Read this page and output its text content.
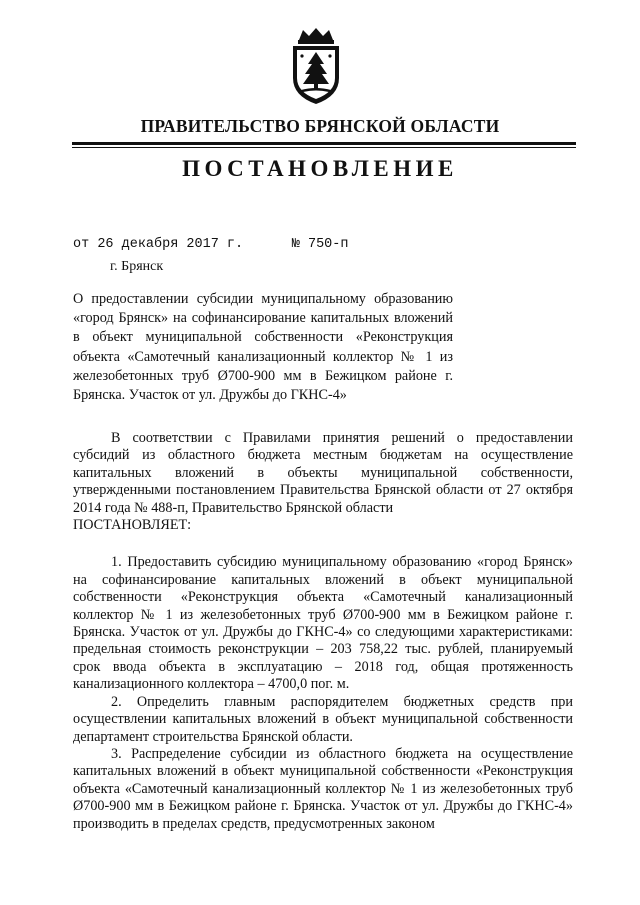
ПРАВИТЕЛЬСТВО БРЯНСКОЙ ОБЛАСТИ
ПОСТАНОВЛЕНИЕ
от 26 декабря 2017 г.	№ 750-п
г. Брянск
О предоставлении субсидии муниципальному образованию «город Брянск» на софинансирование капитальных вложений в объект муниципальной собственности «Реконструкция объекта «Самотечный канализационный коллектор № 1 из железобетонных труб Ø700-900 мм в Бежицком районе г. Брянска. Участок от ул. Дружбы до ГКНС-4»

В соответствии с Правилами принятия решений о предоставлении субсидий из областного бюджета местным бюджетам на осуществление капитальных вложений в объекты муниципальной собственности, утвержденными постановлением Правительства Брянской области от 27 октября 2014 года № 488-п, Правительство Брянской области

ПОСТАНОВЛЯЕТ:

1. Предоставить субсидию муниципальному образованию «город Брянск» на софинансирование капитальных вложений в объект муниципальной собственности «Реконструкция объекта «Самотечный канализационный коллектор № 1 из железобетонных труб Ø700-900 мм в Бежицком районе г. Брянска. Участок от ул. Дружбы до ГКНС-4» со следующими характеристиками: предельная стоимость реконструкции – 203 758,22 тыс. рублей, планируемый срок ввода объекта в эксплуатацию – 2018 год, общая протяженность канализационного коллектора – 4700,0 пог. м.

2. Определить главным распорядителем бюджетных средств при осуществлении капитальных вложений в объект муниципальной собственности департамент строительства Брянской области.

3. Распределение субсидии из областного бюджета на осуществление капитальных вложений в объект муниципальной собственности «Реконструкция объекта «Самотечный канализационный коллектор № 1 из железобетонных труб Ø700-900 мм в Бежицком районе г. Брянска. Участок от ул. Дружбы до ГКНС-4» производить в пределах средств, предусмотренных законом
